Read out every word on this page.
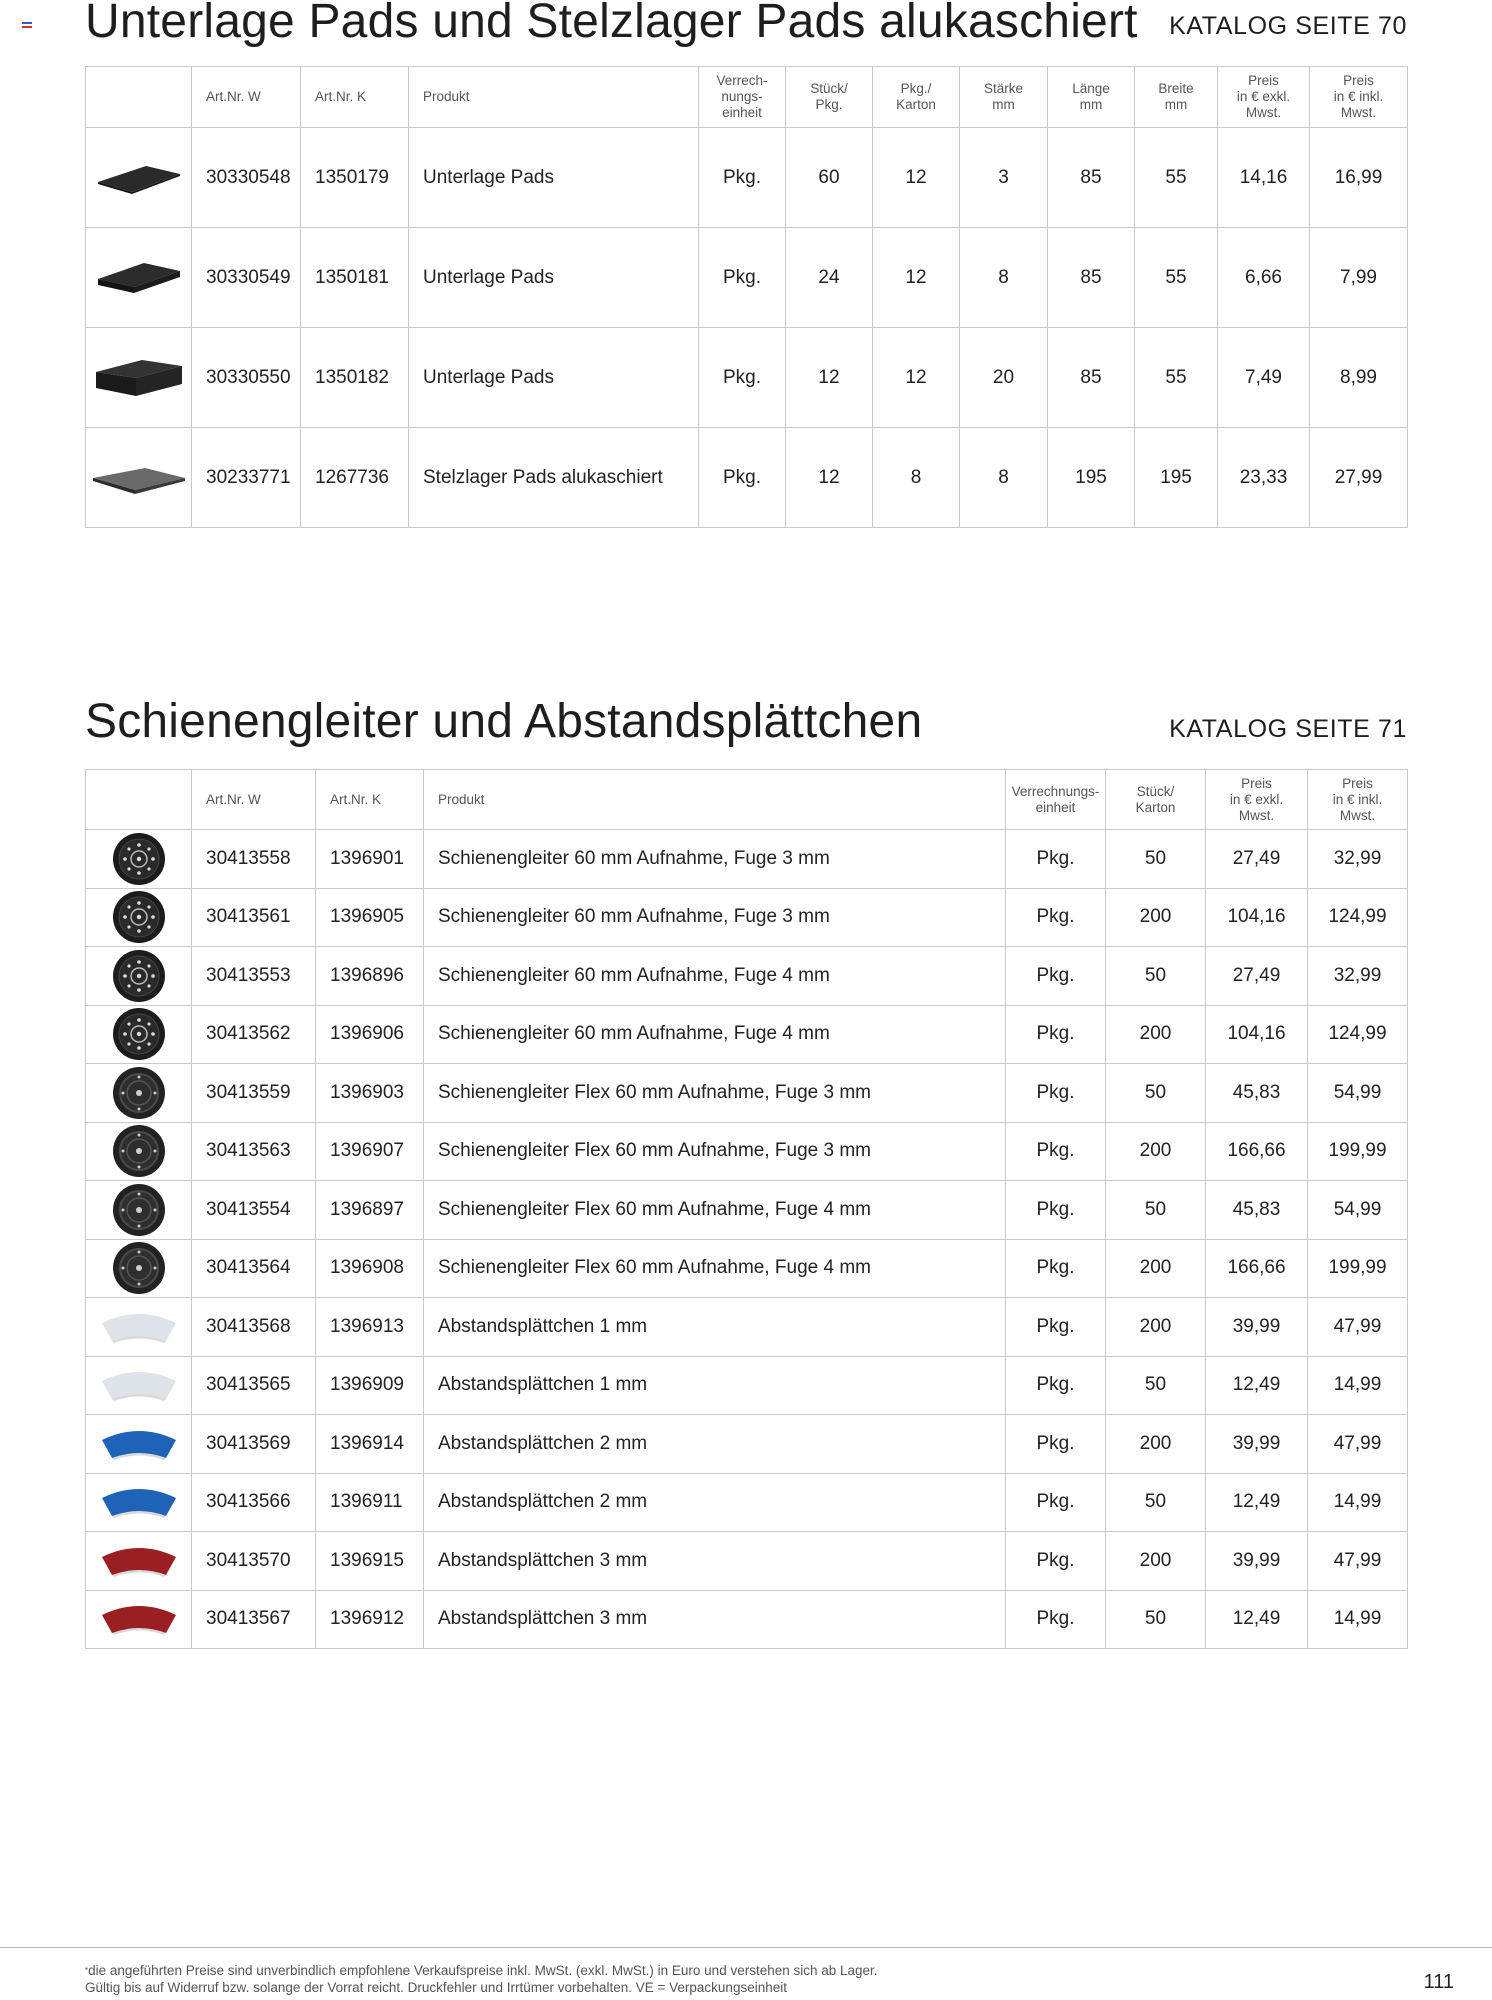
Unterlage Pads und Stelzlager Pads alukaschiert KATALOG SEITE 70
	Art.Nr. W	Art.Nr. K	Produkt	Verrech-
nungs-
einheit	Stück/
Pkg.	Pkg./
Karton	Stärke
mm	Länge
mm	Breite
mm	Preis
in € exkl.
Mwst.	Preis
in € inkl.
Mwst.
	30330548	1350179	Unterlage Pads	Pkg.	60	12	3	85	55	14,16	16,99
	30330549	1350181	Unterlage Pads	Pkg.	24	12	8	85	55	6,66	7,99
	30330550	1350182	Unterlage Pads	Pkg.	12	12	20	85	55	7,49	8,99
	30233771	1267736	Stelzlager Pads alukaschiert	Pkg.	12	8	8	195	195	23,33	27,99
Schienengleiter und Abstandsplättchen	KATALOG SEITE 71
	Art.Nr. W	Art.Nr. K	Produkt	Verrechnungs-
einheit	Stück/
Karton	Preis
in € exkl.
Mwst.	Preis
in € inkl.
Mwst.
	30413558	1396901	Schienengleiter 60 mm Aufnahme, Fuge 3 mm	Pkg.	50	27,49	32,99
	30413561	1396905	Schienengleiter 60 mm Aufnahme, Fuge 3 mm	Pkg.	200	104,16	124,99
	30413553	1396896	Schienengleiter 60 mm Aufnahme, Fuge 4 mm	Pkg.	50	27,49	32,99
	30413562	1396906	Schienengleiter 60 mm Aufnahme, Fuge 4 mm	Pkg.	200	104,16	124,99
	30413559	1396903	Schienengleiter Flex 60 mm Aufnahme, Fuge 3 mm	Pkg.	50	45,83	54,99
	30413563	1396907	Schienengleiter Flex 60 mm Aufnahme, Fuge 3 mm	Pkg.	200	166,66	199,99
	30413554	1396897	Schienengleiter Flex 60 mm Aufnahme, Fuge 4 mm	Pkg.	50	45,83	54,99
	30413564	1396908	Schienengleiter Flex 60 mm Aufnahme, Fuge 4 mm	Pkg.	200	166,66	199,99
	30413568	1396913	Abstandsplättchen 1 mm	Pkg.	200	39,99	47,99
	30413565	1396909	Abstandsplättchen 1 mm	Pkg.	50	12,49	14,99
	30413569	1396914	Abstandsplättchen 2 mm	Pkg.	200	39,99	47,99
	30413566	1396911	Abstandsplättchen 2 mm	Pkg.	50	12,49	14,99
	30413570	1396915	Abstandsplättchen 3 mm	Pkg.	200	39,99	47,99
	30413567	1396912	Abstandsplättchen 3 mm	Pkg.	50	12,49	14,99
*die angeführten Preise sind unverbindlich empfohlene Verkaufspreise inkl. MwSt. (exkl. MwSt.) in Euro und verstehen sich ab Lager.
Gültig bis auf Widerruf bzw. solange der Vorrat reicht. Druckfehler und Irrtümer vorbehalten. VE = Verpackungseinheit	111
